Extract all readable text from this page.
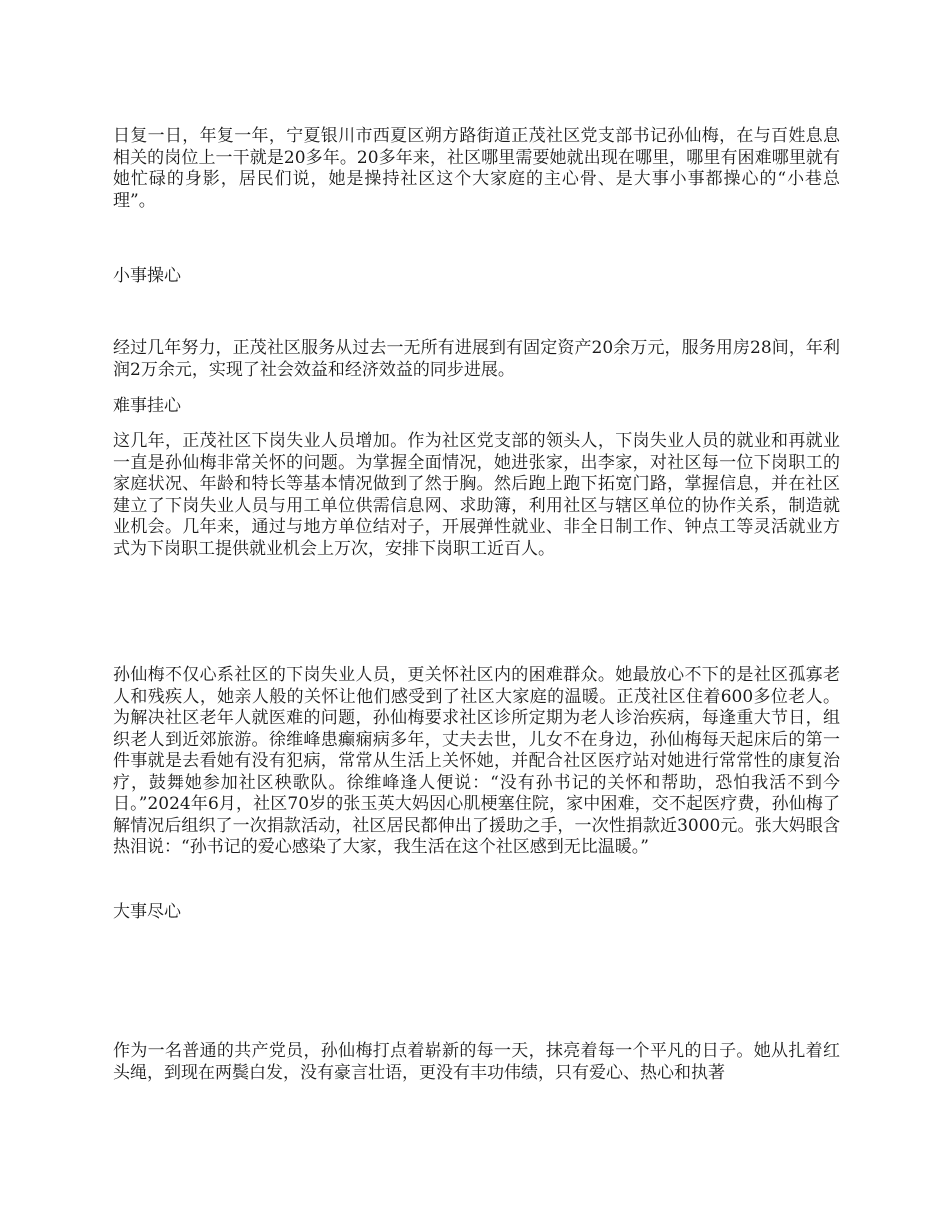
日复一日，年复一年，宁夏银川市西夏区朔方路街道正茂社区党支部书记孙仙梅，在与百姓息息相关的岗位上一干就是20多年。20多年来，社区哪里需要她就出现在哪里，哪里有困难哪里就有她忙碌的身影，居民们说，她是操持社区这个大家庭的主心骨、是大事小事都操心的“小巷总理”。

小事操心

经过几年努力，正茂社区服务从过去一无所有进展到有固定资产20余万元，服务用房28间，年利润2万余元，实现了社会效益和经济效益的同步进展。

难事挂心

这几年，正茂社区下岗失业人员增加。作为社区党支部的领头人，下岗失业人员的就业和再就业一直是孙仙梅非常关怀的问题。为掌握全面情况，她进张家，出李家，对社区每一位下岗职工的家庭状况、年龄和特长等基本情况做到了然于胸。然后跑上跑下拓宽门路，掌握信息，并在社区建立了下岗失业人员与用工单位供需信息网、求助簿，利用社区与辖区单位的协作关系，制造就业机会。几年来，通过与地方单位结对子，开展弹性就业、非全日制工作、钟点工等灵活就业方式为下岗职工提供就业机会上万次，安排下岗职工近百人。

孙仙梅不仅心系社区的下岗失业人员，更关怀社区内的困难群众。她最放心不下的是社区孤寡老人和残疾人，她亲人般的关怀让他们感受到了社区大家庭的温暖。正茂社区住着600多位老人。为解决社区老年人就医难的问题，孙仙梅要求社区诊所定期为老人诊治疾病，每逢重大节日，组织老人到近郊旅游。徐维峰患癫痫病多年，丈夫去世，儿女不在身边，孙仙梅每天起床后的第一件事就是去看她有没有犯病，常常从生活上关怀她，并配合社区医疗站对她进行常常性的康复治疗，鼓舞她参加社区秧歌队。徐维峰逢人便说：“没有孙书记的关怀和帮助，恐怕我活不到今日。”2024年6月，社区70岁的张玉英大妈因心肌梗塞住院，家中困难，交不起医疗费，孙仙梅了解情况后组织了一次捐款活动，社区居民都伸出了援助之手，一次性捐款近3000元。张大妈眼含热泪说：“孙书记的爱心感染了大家，我生活在这个社区感到无比温暖。”

大事尽心

作为一名普通的共产党员，孙仙梅打点着崭新的每一天，抹亮着每一个平凡的日子。她从扎着红头绳，到现在两鬓白发，没有豪言壮语，更没有丰功伟绩，只有爱心、热心和执著
